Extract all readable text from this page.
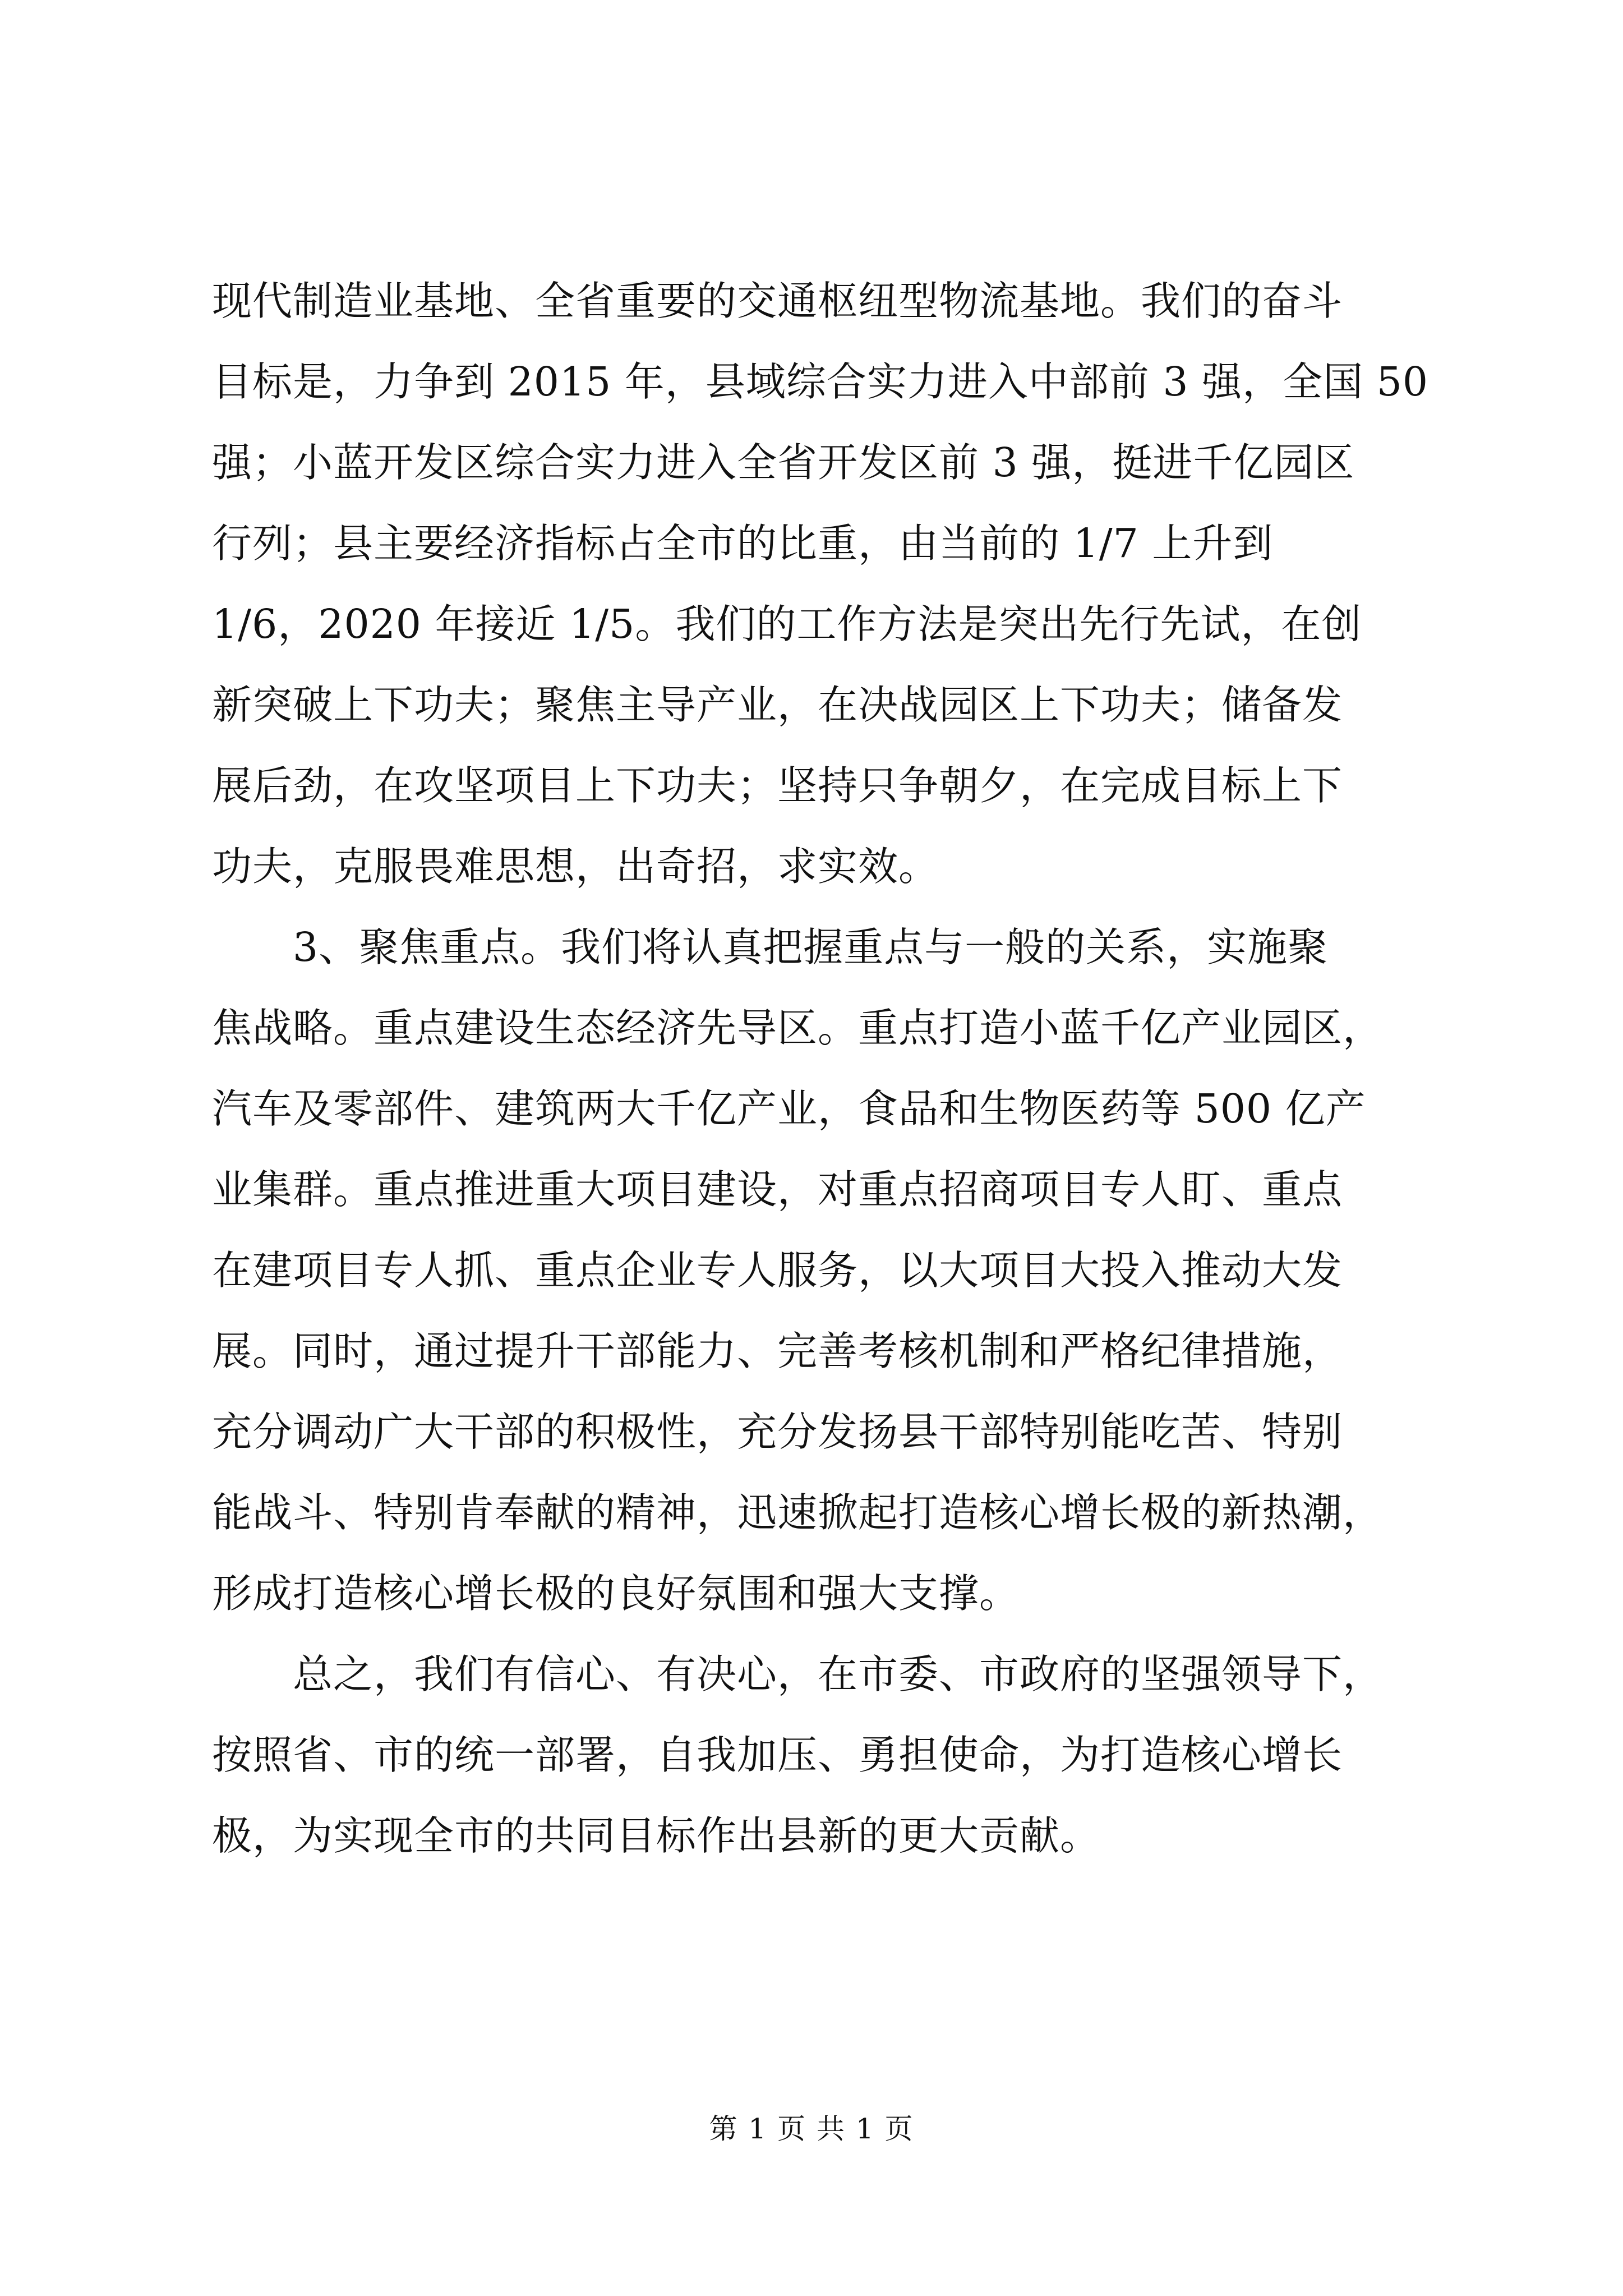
现代制造业基地、全省重要的交通枢纽型物流基地。我们的奋斗
目标是，力争到 2015 年，县域综合实力进入中部前 3 强，全国 50
强；小蓝开发区综合实力进入全省开发区前 3 强，挺进千亿园区
行列；县主要经济指标占全市的比重，由当前的 1/7 上升到
1/6，2020 年接近 1/5。我们的工作方法是突出先行先试，在创
新突破上下功夫；聚焦主导产业，在决战园区上下功夫；储备发
展后劲，在攻坚项目上下功夫；坚持只争朝夕，在完成目标上下
功夫，克服畏难思想，出奇招，求实效。
3、聚焦重点。我们将认真把握重点与一般的关系，实施聚
焦战略。重点建设生态经济先导区。重点打造小蓝千亿产业园区，
汽车及零部件、建筑两大千亿产业，食品和生物医药等 500 亿产
业集群。重点推进重大项目建设，对重点招商项目专人盯、重点
在建项目专人抓、重点企业专人服务，以大项目大投入推动大发
展。同时，通过提升干部能力、完善考核机制和严格纪律措施，
充分调动广大干部的积极性，充分发扬县干部特别能吃苦、特别
能战斗、特别肯奉献的精神，迅速掀起打造核心增长极的新热潮，
形成打造核心增长极的良好氛围和强大支撑。
总之，我们有信心、有决心，在市委、市政府的坚强领导下，
按照省、市的统一部署，自我加压、勇担使命，为打造核心增长
极，为实现全市的共同目标作出县新的更大贡献。
第 1 页 共 1 页
